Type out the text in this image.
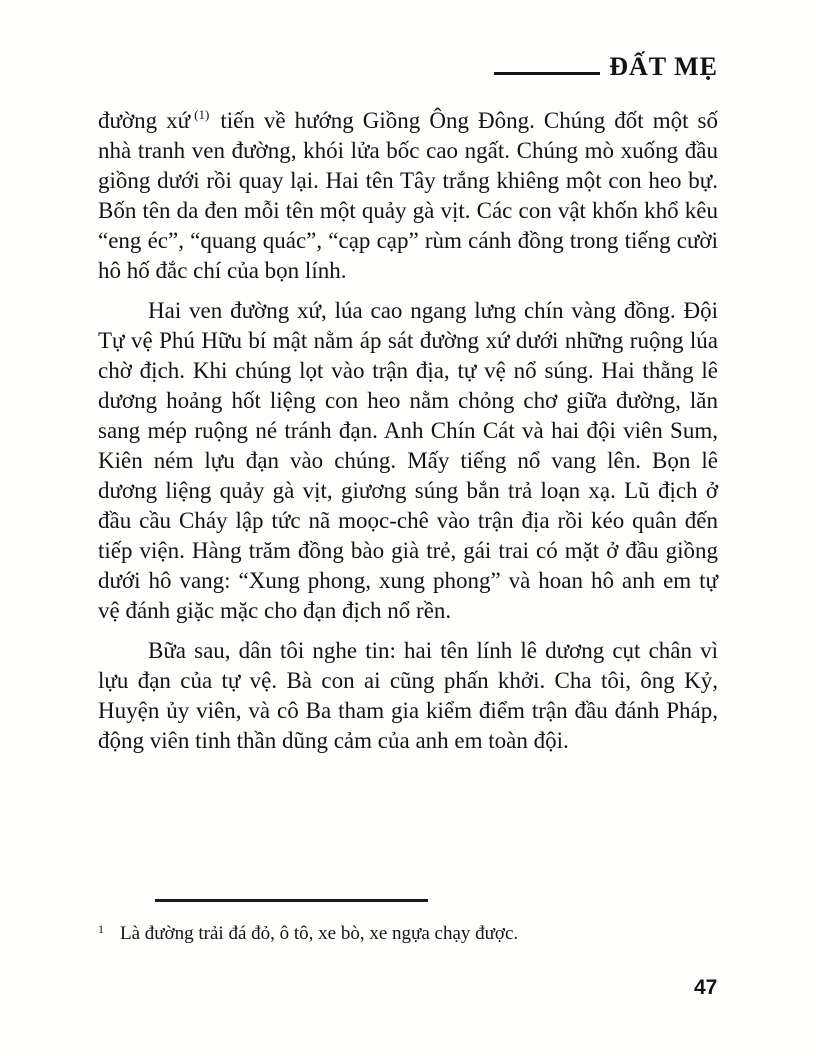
ĐẤT MẸ

đường xứ $^{(1)}$ tiến về hướng Giồng Ông Đông. Chúng đốt một số nhà tranh ven đường, khói lửa bốc cao ngất. Chúng mò xuống đầu giồng dưới rồi quay lại. Hai tên Tây trắng khiêng một con heo bự. Bốn tên da đen mỗi tên một quảy gà vịt. Các con vật khốn khổ kêu “eng éc”, “quang quác”, “cạp cạp” rùm cánh đồng trong tiếng cười hô hố đắc chí của bọn lính.

Hai ven đường xứ, lúa cao ngang lưng chín vàng đồng. Đội Tự vệ Phú Hữu bí mật nằm áp sát đường xứ dưới những ruộng lúa chờ địch. Khi chúng lọt vào trận địa, tự vệ nổ súng. Hai thằng lê dương hoảng hốt liệng con heo nằm chỏng chơ giữa đường, lăn sang mép ruộng né tránh đạn. Anh Chín Cát và hai đội viên Sum, Kiên ném lựu đạn vào chúng. Mấy tiếng nổ vang lên. Bọn lê dương liệng quảy gà vịt, giương súng bắn trả loạn xạ. Lũ địch ở đầu cầu Cháy lập tức nã moọc-chê vào trận địa rồi kéo quân đến tiếp viện. Hàng trăm đồng bào già trẻ, gái trai có mặt ở đầu giồng dưới hô vang: “Xung phong, xung phong” và hoan hô anh em tự vệ đánh giặc mặc cho đạn địch nổ rền.

Bữa sau, dân tôi nghe tin: hai tên lính lê dương cụt chân vì lựu đạn của tự vệ. Bà con ai cũng phấn khởi. Cha tôi, ông Kỷ, Huyện ủy viên, và cô Ba tham gia kiểm điểm trận đầu đánh Pháp, động viên tinh thần dũng cảm của anh em toàn đội.

1 Là đường trải đá đỏ, ô tô, xe bò, xe ngựa chạy được.
47
